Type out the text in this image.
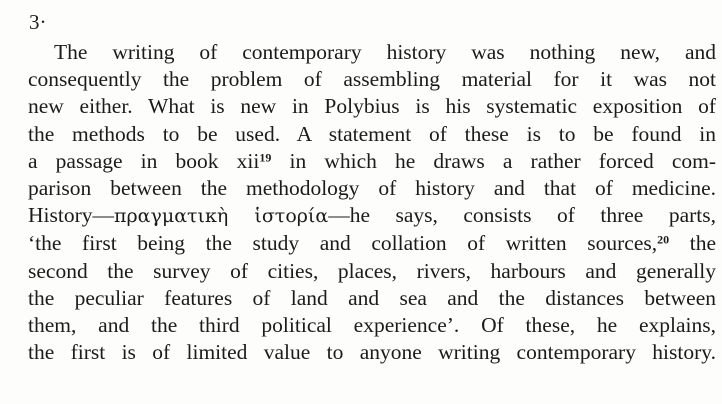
3·
The writing of contemporary history was nothing new, and
consequently the problem of assembling material for it was not
new either. What is new in Polybius is his systematic exposition of
the methods to be used. A statement of these is to be found in
a passage in book xii$^{19}$ in which he draws a rather forced com-
parison between the methodology of history and that of medicine.
History—πραγματικὴ ἱστορία—he says, consists of three parts,
‘the first being the study and collation of written sources,$^{20}$ the
second the survey of cities, places, rivers, harbours and generally
the peculiar features of land and sea and the distances between
them, and the third political experience’. Of these, he explains,
the first is of limited value to anyone writing contemporary history.
